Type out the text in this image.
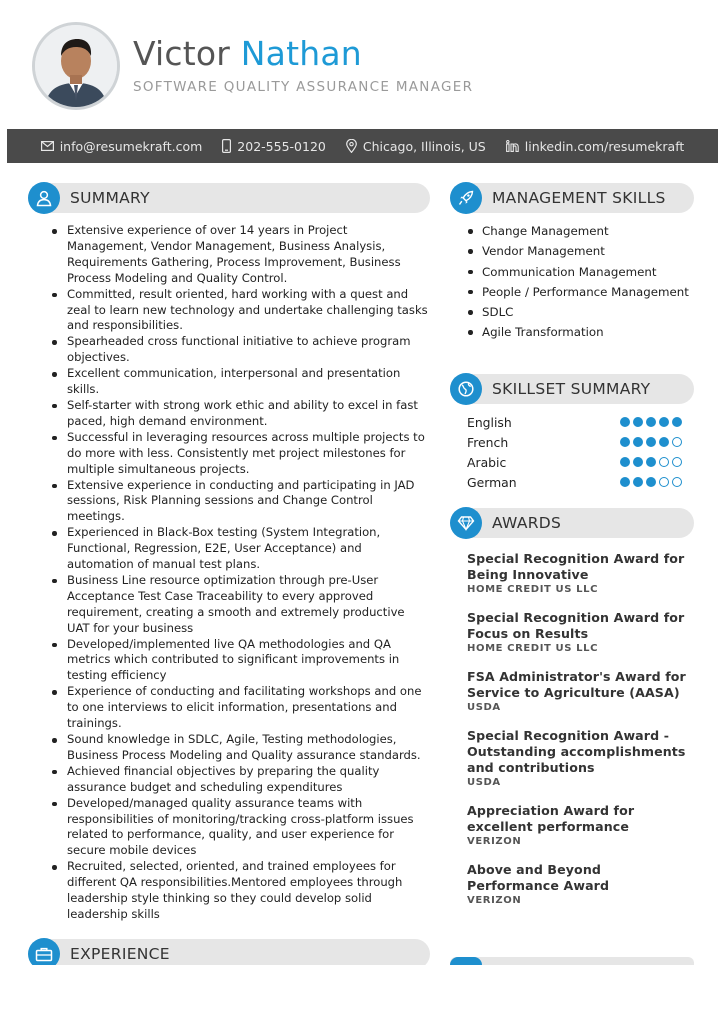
Victor Nathan
SOFTWARE QUALITY ASSURANCE MANAGER
info@resumekraft.com	202-555-0120	Chicago, Illinois, US	linkedin.com/resumekraft
SUMMARY
Extensive experience of over 14 years in Project Management, Vendor Management, Business Analysis, Requirements Gathering, Process Improvement, Business Process Modeling and Quality Control.
Committed, result oriented, hard working with a quest and zeal to learn new technology and undertake challenging tasks and responsibilities.
Spearheaded cross functional initiative to achieve program objectives.
Excellent communication, interpersonal and presentation skills.
Self-starter with strong work ethic and ability to excel in fast paced, high demand environment.
Successful in leveraging resources across multiple projects to do more with less. Consistently met project milestones for multiple simultaneous projects.
Extensive experience in conducting and participating in JAD sessions, Risk Planning sessions and Change Control meetings.
Experienced in Black-Box testing (System Integration, Functional, Regression, E2E, User Acceptance) and automation of manual test plans.
Business Line resource optimization through pre-User Acceptance Test Case Traceability to every approved requirement, creating a smooth and extremely productive UAT for your business
Developed/implemented live QA methodologies and QA metrics which contributed to significant improvements in testing efficiency
Experience of conducting and facilitating workshops and one to one interviews to elicit information, presentations and trainings.
Sound knowledge in SDLC, Agile, Testing methodologies, Business Process Modeling and Quality assurance standards.
Achieved financial objectives by preparing the quality assurance budget and scheduling expenditures
Developed/managed quality assurance teams with responsibilities of monitoring/tracking cross-platform issues related to performance, quality, and user experience for secure mobile devices
Recruited, selected, oriented, and trained employees for different QA responsibilities.Mentored employees through leadership style thinking so they could develop solid leadership skills
EXPERIENCE
MANAGEMENT SKILLS
Change Management
Vendor Management
Communication Management
People / Performance Management
SDLC
Agile Transformation
SKILLSET SUMMARY
English
French
Arabic
German
AWARDS
Special Recognition Award for Being Innovative
HOME CREDIT US LLC
Special Recognition Award for Focus on Results
HOME CREDIT US LLC
FSA Administrator's Award for Service to Agriculture (AASA)
USDA
Special Recognition Award - Outstanding accomplishments and contributions
USDA
Appreciation Award for excellent performance
VERIZON
Above and Beyond Performance Award
VERIZON
